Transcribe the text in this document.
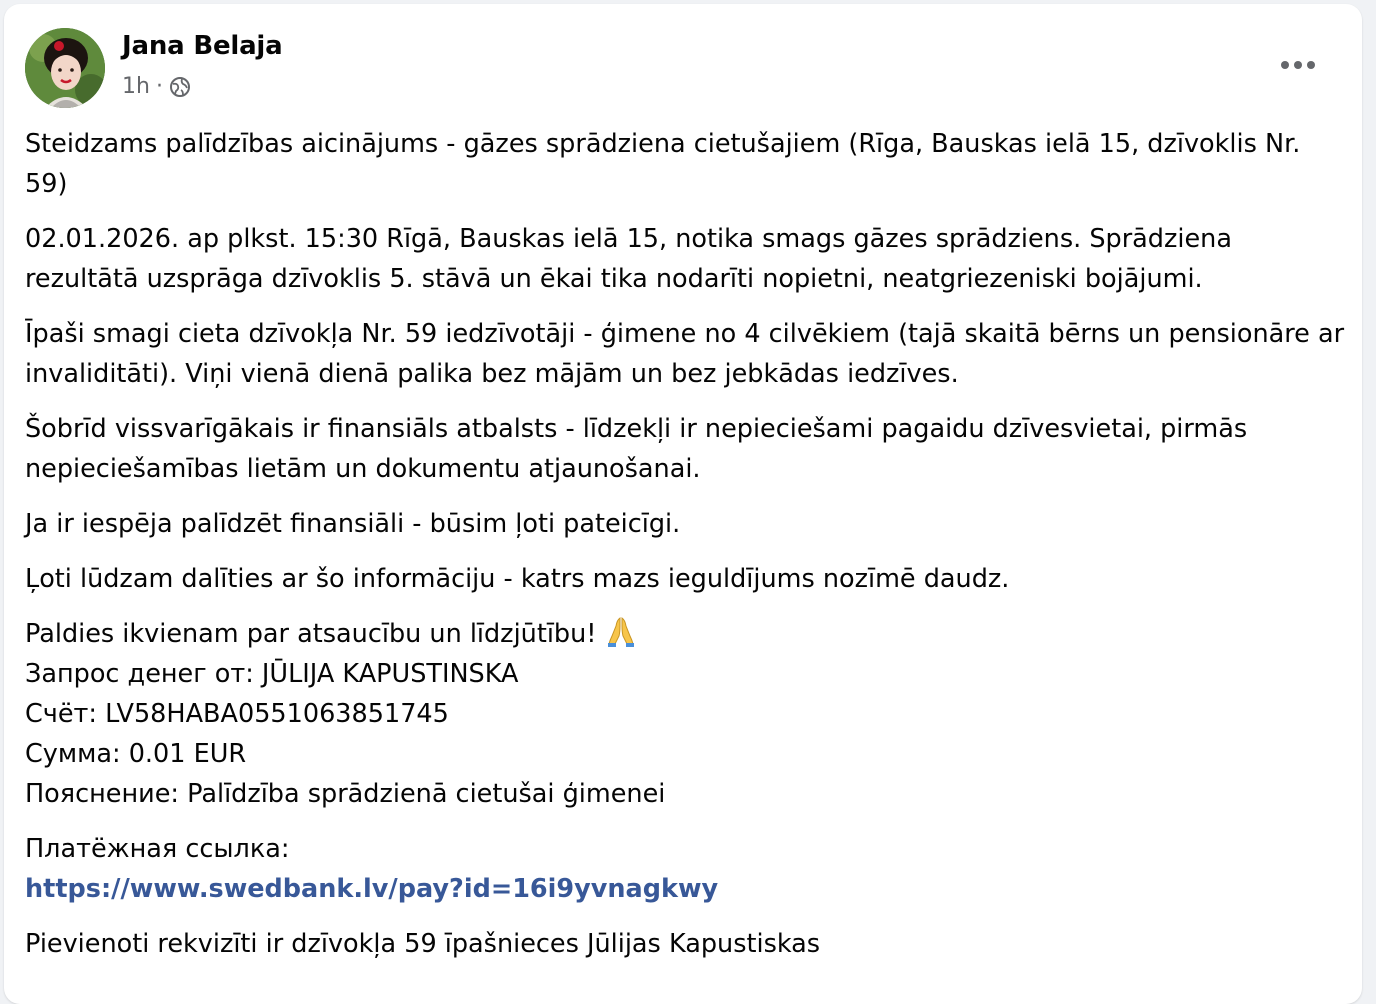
Jana Belaja
1h ·

Steidzams palīdzības aicinājums - gāzes sprādziena cietušajiem (Rīga, Bauskas ielā 15, dzīvoklis Nr. 59)

02.01.2026. ap plkst. 15:30 Rīgā, Bauskas ielā 15, notika smags gāzes sprādziens. Sprādziena rezultātā uzsprāga dzīvoklis 5. stāvā un ēkai tika nodarīti nopietni, neatgriezeniski bojājumi.

Īpaši smagi cieta dzīvokļa Nr. 59 iedzīvotāji - ģimene no 4 cilvēkiem (tajā skaitā bērns un pensionāre ar invaliditāti). Viņi vienā dienā palika bez mājām un bez jebkādas iedzīves.

Šobrīd vissvarīgākais ir finansiāls atbalsts - līdzekļi ir nepieciešami pagaidu dzīvesvietai, pirmās nepieciešamības lietām un dokumentu atjaunošanai.

Ja ir iespēja palīdzēt finansiāli - būsim ļoti pateicīgi.

Ļoti lūdzam dalīties ar šo informāciju - katrs mazs ieguldījums nozīmē daudz.

Paldies ikvienam par atsaucību un līdzjūtību!
Запрос денег от: JŪLIJA KAPUSTINSKA
Счёт: LV58HABA0551063851745
Сумма: 0.01 EUR
Пояснение: Palīdzība sprādzienā cietušai ģimenei

Платёжная ссылка:
https://www.swedbank.lv/pay?id=16i9yvnagkwy

Pievienoti rekvizīti ir dzīvokļa 59 īpašnieces Jūlijas Kapustiskas
